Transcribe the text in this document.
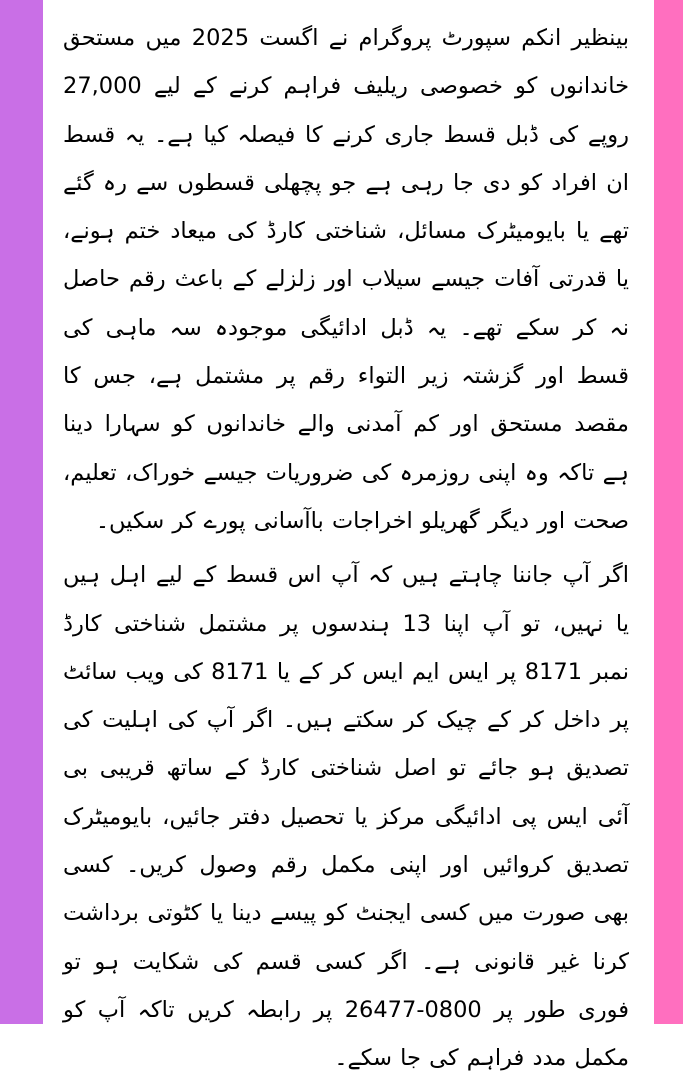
بینظیر انکم سپورٹ پروگرام نے اگست 2025 میں مستحق خاندانوں کو خصوصی ریلیف فراہم کرنے کے لیے 27,000 روپے کی ڈبل قسط جاری کرنے کا فیصلہ کیا ہے۔ یہ قسط ان افراد کو دی جا رہی ہے جو پچھلی قسطوں سے رہ گئے تھے یا بایومیٹرک مسائل، شناختی کارڈ کی میعاد ختم ہونے، یا قدرتی آفات جیسے سیلاب اور زلزلے کے باعث رقم حاصل نہ کر سکے تھے۔ یہ ڈبل ادائیگی موجودہ سہ ماہی کی قسط اور گزشتہ زیر التواء رقم پر مشتمل ہے، جس کا مقصد مستحق اور کم آمدنی والے خاندانوں کو سہارا دینا ہے تاکہ وہ اپنی روزمرہ کی ضروریات جیسے خوراک، تعلیم، صحت اور دیگر گھریلو اخراجات باآسانی پورے کر سکیں۔

اگر آپ جاننا چاہتے ہیں کہ آپ اس قسط کے لیے اہل ہیں یا نہیں، تو آپ اپنا 13 ہندسوں پر مشتمل شناختی کارڈ نمبر 8171 پر ایس ایم ایس کر کے یا 8171 کی ویب سائٹ پر داخل کر کے چیک کر سکتے ہیں۔ اگر آپ کی اہلیت کی تصدیق ہو جائے تو اصل شناختی کارڈ کے ساتھ قریبی بی آئی ایس پی ادائیگی مرکز یا تحصیل دفتر جائیں، بایومیٹرک تصدیق کروائیں اور اپنی مکمل رقم وصول کریں۔ کسی بھی صورت میں کسی ایجنٹ کو پیسے دینا یا کٹوتی برداشت کرنا غیر قانونی ہے۔ اگر کسی قسم کی شکایت ہو تو فوری طور پر 0800-26477 پر رابطہ کریں تاکہ آپ کو مکمل مدد فراہم کی جا سکے۔
